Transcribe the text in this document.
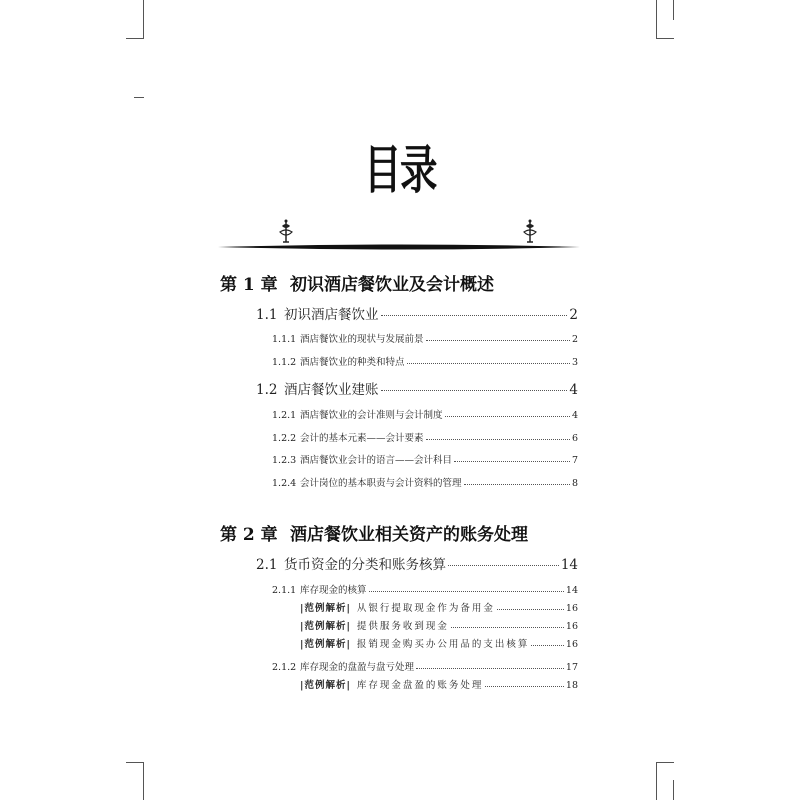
目录
第 1 章 初识酒店餐饮业及会计概述
1.1 初识酒店餐饮业	2
1.1.1 酒店餐饮业的现状与发展前景	2
1.1.2 酒店餐饮业的种类和特点	3
1.2 酒店餐饮业建账	4
1.2.1 酒店餐饮业的会计准则与会计制度	4
1.2.2 会计的基本元素——会计要素	6
1.2.3 酒店餐饮业会计的语言——会计科目	7
1.2.4 会计岗位的基本职责与会计资料的管理	8
第 2 章 酒店餐饮业相关资产的账务处理
2.1 货币资金的分类和账务核算	14
2.1.1 库存现金的核算	14
|范例解析| 从银行提取现金作为备用金	16
|范例解析| 提供服务收到现金	16
|范例解析| 报销现金购买办公用品的支出核算	16
2.1.2 库存现金的盘盈与盘亏处理	17
|范例解析| 库存现金盘盈的账务处理	18
